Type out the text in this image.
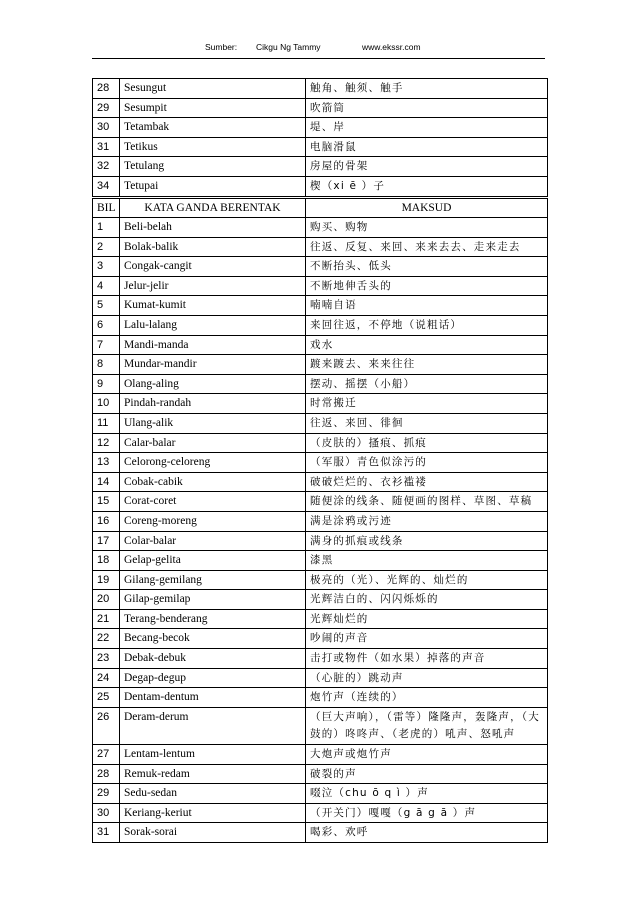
Sumber: Cikgu Ng Tammy	www.ekssr.com
28	Sesungut	触角、触须、触手
29	Sesumpit	吹箭筒
30	Tetambak	堤、岸
31	Tetikus	电脑滑鼠
32	Tetulang	房屋的骨架
34	Tetupai	楔（xi ē ）子
BIL	KATA GANDA BERENTAK	MAKSUD
1	Beli-belah	购买、购物
2	Bolak-balik	往返、反复、来回、来来去去、走来走去
3	Congak-cangit	不断抬头、低头
4	Jelur-jelir	不断地伸舌头的
5	Kumat-kumit	喃喃自语
6	Lalu-lalang	来回往返，不停地（说粗话）
7	Mandi-manda	戏水
8	Mundar-mandir	踱来踱去、来来往往
9	Olang-aling	摆动、摇摆（小船）
10	Pindah-randah	时常搬迁
11	Ulang-alik	往返、来回、徘徊
12	Calar-balar	（皮肤的）搔痕、抓痕
13	Celorong-celoreng	（军服）青色似涂污的
14	Cobak-cabik	破破烂烂的、衣衫褴褛
15	Corat-coret	随便涂的线条、随便画的图样、草图、草稿
16	Coreng-moreng	满是涂鸦或污迹
17	Colar-balar	满身的抓痕或线条
18	Gelap-gelita	漆黑
19	Gilang-gemilang	极亮的（光）、光辉的、灿烂的
20	Gilap-gemilap	光辉洁白的、闪闪烁烁的
21	Terang-benderang	光辉灿烂的
22	Becang-becok	吵闹的声音
23	Debak-debuk	击打或物件（如水果）掉落的声音
24	Degap-degup	（心脏的）跳动声
25	Dentam-dentum	炮竹声（连续的）
26	Deram-derum	（巨大声响），（雷等）隆隆声，轰隆声，（大鼓的）咚咚声、（老虎的）吼声、怒吼声
27	Lentam-lentum	大炮声或炮竹声
28	Remuk-redam	破裂的声
29	Sedu-sedan	啜泣（chu ō q ì ）声
30	Keriang-keriut	（开关门）嘎嘎（g ā g ā ）声
31	Sorak-sorai	喝彩、欢呼
